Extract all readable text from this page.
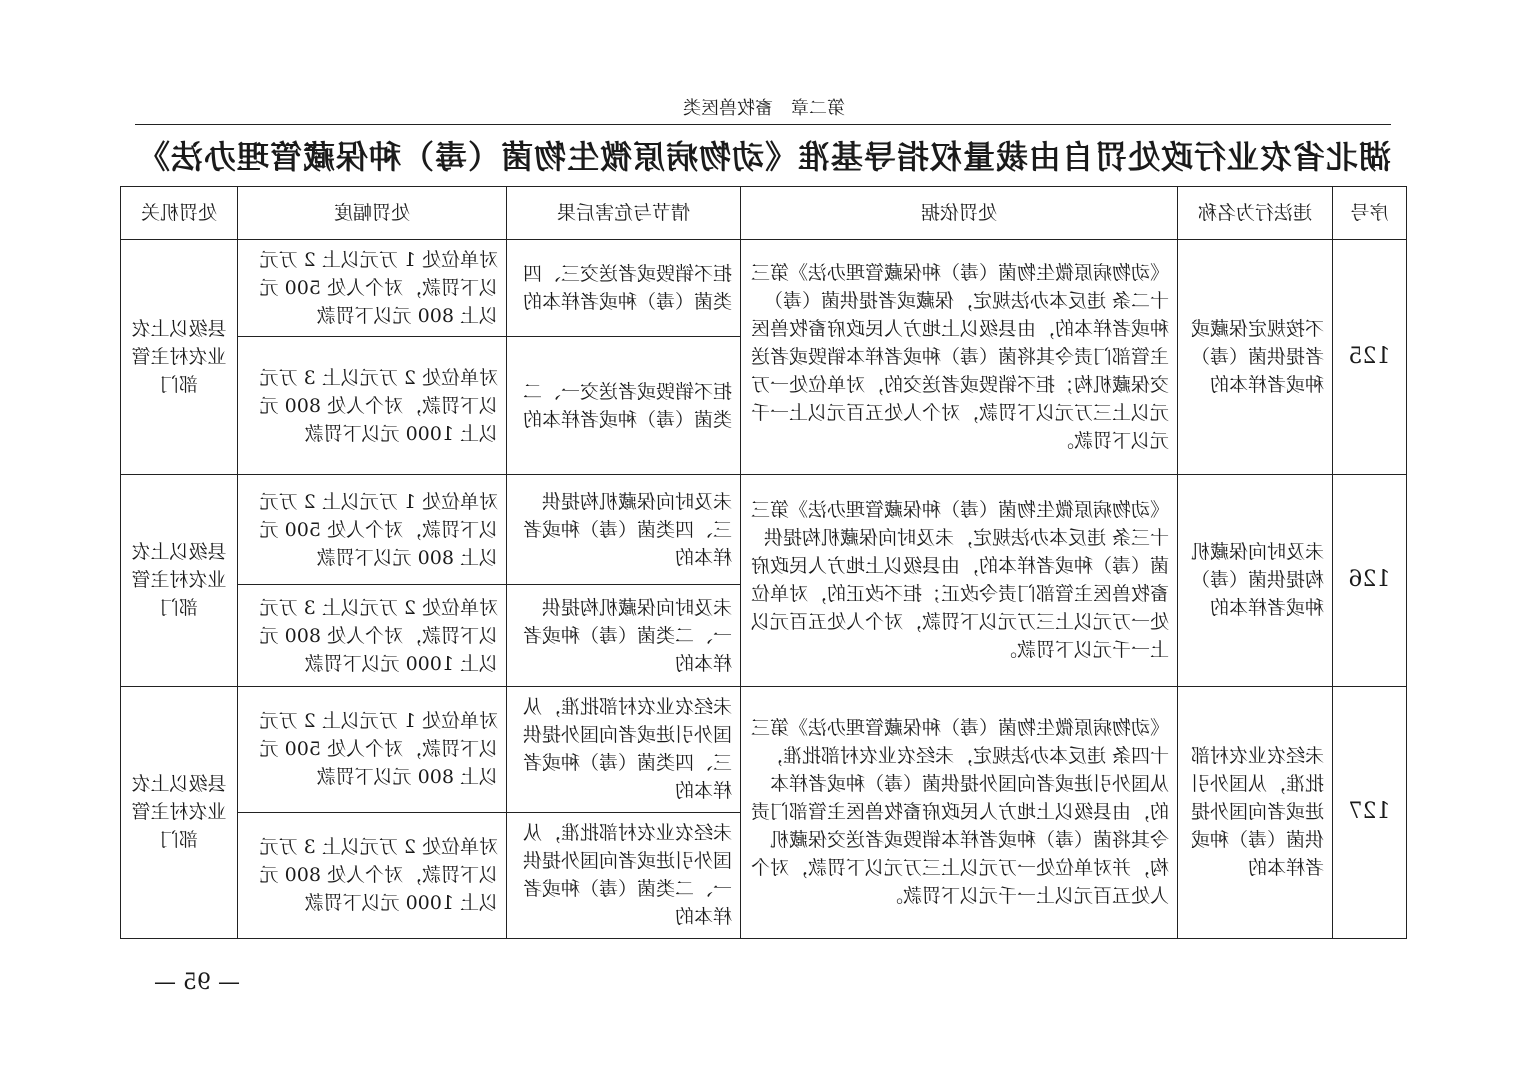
第二章　畜牧兽医类
湖北省农业行政处罚自由裁量权指导基准《动物病原微生物菌（毒）种保藏管理办法》
序号	违法行为名称	处罚依据	情节与危害后果	处罚幅度	处罚机关
125	不按规定保藏或者提供菌（毒）种或者样本的	《动物病原微生物菌（毒）种保藏管理办法》第三十二条 违反本办法规定，保藏或者提供菌（毒）种或者样本的，由县级以上地方人民政府畜牧兽医主管部门责令其将菌（毒）种或者样本销毁或者送交保藏机构；拒不销毁或者送交的，对单位处一万元以上三万元以下罚款，对个人处五百元以上一千元以下罚款。	拒不销毁或者送交三、四类菌（毒）种或者样本的	对单位处 1 万元以上 2 万元以下罚款，对个人处 500 元以上 800 元以下罚款	县级以上农业农村主管部门
			拒不销毁或者送交一、二类菌（毒）种或者样本的	对单位处 2 万元以上 3 万元以下罚款，对个人处 800 元以上 1000 元以下罚款	
126	未及时向保藏机构提供菌（毒）种或者样本的	《动物病原微生物菌（毒）种保藏管理办法》第三十三条 违反本办法规定，未及时向保藏机构提供菌（毒）种或者样本的，由县级以上地方人民政府畜牧兽医主管部门责令改正；拒不改正的，对单位处一万元以上三万元以下罚款，对个人处五百元以上一千元以下罚款。	未及时向保藏机构提供三、四类菌（毒）种或者样本的	对单位处 1 万元以上 2 万元以下罚款，对个人处 500 元以上 800 元以下罚款	县级以上农业农村主管部门
			未及时向保藏机构提供一、二类菌（毒）种或者样本的	对单位处 2 万元以上 3 万元以下罚款，对个人处 800 元以上 1000 元以下罚款	
127	未经农业农村部批准，从国外引进或者向国外提供菌（毒）种或者样本的	《动物病原微生物菌（毒）种保藏管理办法》第三十四条 违反本办法规定，未经农业农村部批准，从国外引进或者向国外提供菌（毒）种或者样本的，由县级以上地方人民政府畜牧兽医主管部门责令其将菌（毒）种或者样本销毁或者送交保藏机构，并对单位处一万元以上三万元以下罚款，对个人处五百元以上一千元以下罚款。	未经农业农村部批准，从国外引进或者向国外提供三、四类菌（毒）种或者样本的	对单位处 1 万元以上 2 万元以下罚款，对个人处 500 元以上 800 元以下罚款	县级以上农业农村主管部门
			未经农业农村部批准，从国外引进或者向国外提供一、二类菌（毒）种或者样本的	对单位处 2 万元以上 3 万元以下罚款，对个人处 800 元以上 1000 元以下罚款	
— 95 —
